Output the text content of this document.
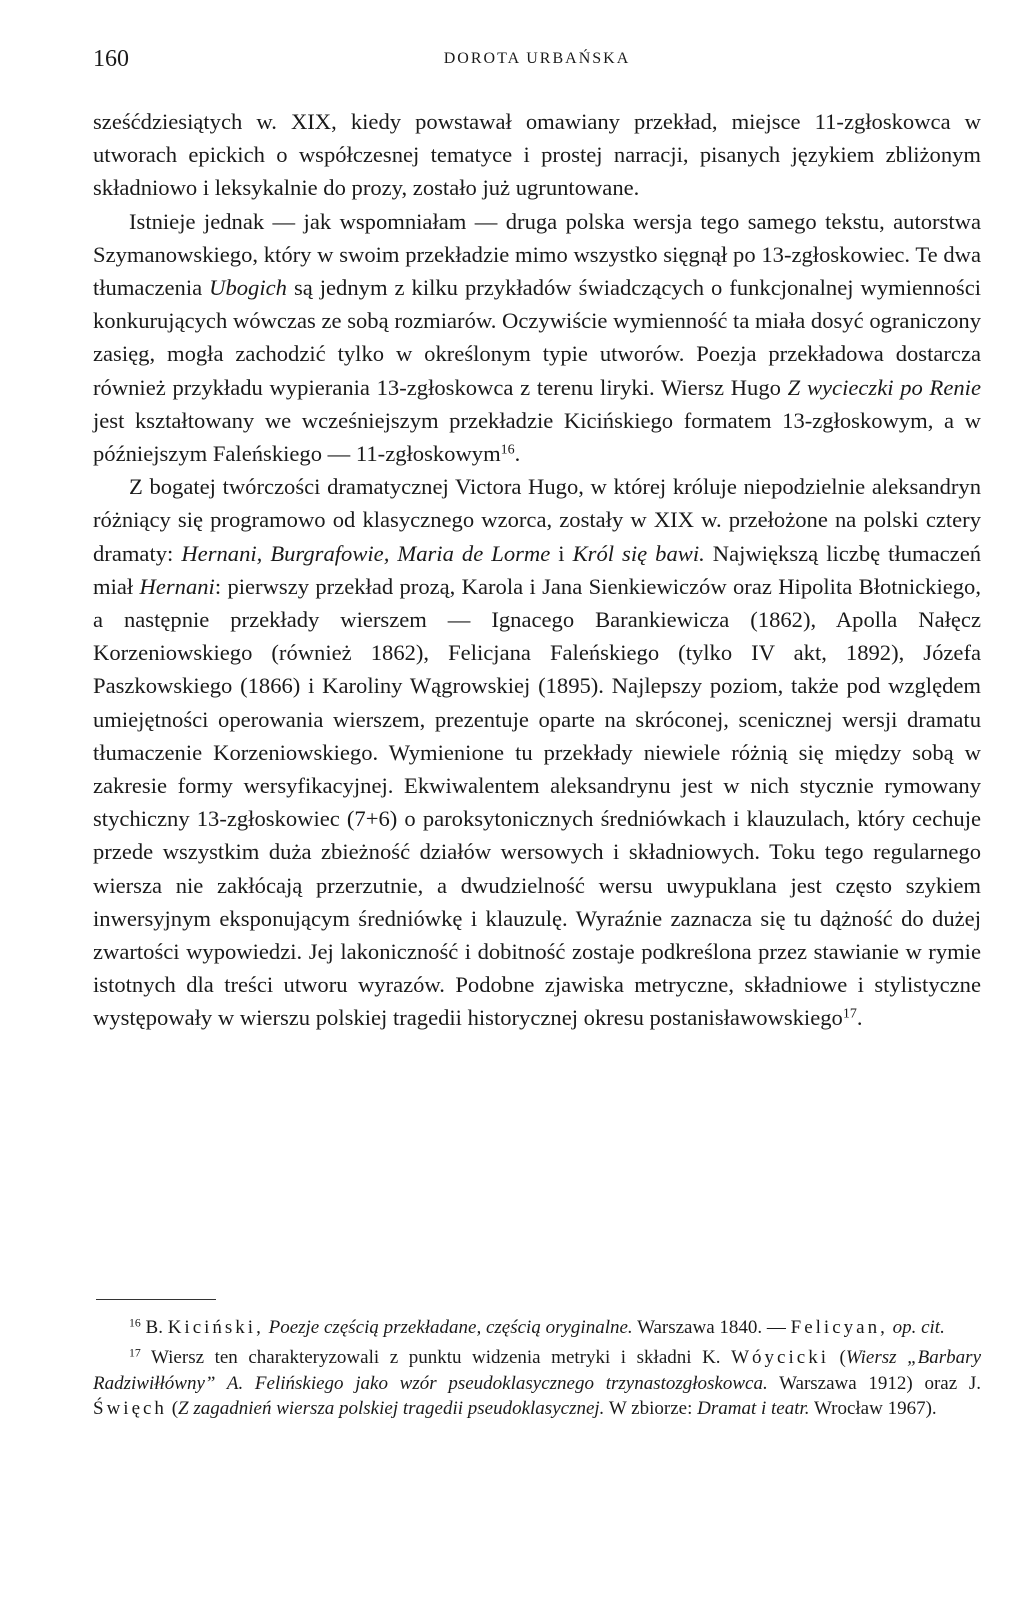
160	DOROTA URBAŃSKA

sześćdziesiątych w. XIX, kiedy powstawał omawiany przekład, miejsce 11-zgłoskowca w utworach epickich o współczesnej tematyce i prostej narracji, pisanych językiem zbliżonym składniowo i leksykalnie do prozy, zostało już ugruntowane.

Istnieje jednak — jak wspomniałam — druga polska wersja tego samego tekstu, autorstwa Szymanowskiego, który w swoim przekładzie mimo wszystko sięgnął po 13-zgłoskowiec. Te dwa tłumaczenia Ubogich są jednym z kilku przykładów świadczących o funkcjonalnej wymienności konkurujących wówczas ze sobą rozmiarów. Oczywiście wymienność ta miała dosyć ograniczony zasięg, mogła zachodzić tylko w określonym typie utworów. Poezja przekładowa dostarcza również przykładu wypierania 13-zgłoskowca z terenu liryki. Wiersz Hugo Z wycieczki po Renie jest kształtowany we wcześniejszym przekładzie Kicińskiego formatem 13-zgłoskowym, a w późniejszym Faleńskiego — 11-zgłoskowym$^{16}$.

Z bogatej twórczości dramatycznej Victora Hugo, w której króluje niepodzielnie aleksandryn różniący się programowo od klasycznego wzorca, zostały w XIX w. przełożone na polski cztery dramaty: Hernani, Burgrafowie, Maria de Lorme i Król się bawi. Największą liczbę tłumaczeń miał Hernani: pierwszy przekład prozą, Karola i Jana Sienkiewiczów oraz Hipolita Błotnickiego, a następnie przekłady wierszem — Ignacego Barankiewicza (1862), Apolla Nałęcz Korzeniowskiego (również 1862), Felicjana Faleńskiego (tylko IV akt, 1892), Józefa Paszkowskiego (1866) i Karoliny Wągrowskiej (1895). Najlepszy poziom, także pod względem umiejętności operowania wierszem, prezentuje oparte na skróconej, scenicznej wersji dramatu tłumaczenie Korzeniowskiego. Wymienione tu przekłady niewiele różnią się między sobą w zakresie formy wersyfikacyjnej. Ekwiwalentem aleksandrynu jest w nich stycznie rymowany stychiczny 13-zgłoskowiec (7+6) o paroksytonicznych średniówkach i klauzulach, który cechuje przede wszystkim duża zbieżność działów wersowych i składniowych. Toku tego regularnego wiersza nie zakłócają przerzutnie, a dwudzielność wersu uwypuklana jest często szykiem inwersyjnym eksponującym średniówkę i klauzulę. Wyraźnie zaznacza się tu dążność do dużej zwartości wypowiedzi. Jej lakoniczność i dobitność zostaje podkreślona przez stawianie w rymie istotnych dla treści utworu wyrazów. Podobne zjawiska metryczne, składniowe i stylistyczne występowały w wierszu polskiej tragedii historycznej okresu postanisławowskiego$^{17}$.

$^{16}$ B. Kiciński, Poezje częścią przekładane, częścią oryginalne. Warszawa 1840. — Felicyan, op. cit.

$^{17}$ Wiersz ten charakteryzowali z punktu widzenia metryki i składni K. Wóycicki (Wiersz „Barbary Radziwiłłówny” A. Felińskiego jako wzór pseudoklasycznego trzynastozgłoskowca. Warszawa 1912) oraz J. Święch (Z zagadnień wiersza polskiej tragedii pseudoklasycznej. W zbiorze: Dramat i teatr. Wrocław 1967).
